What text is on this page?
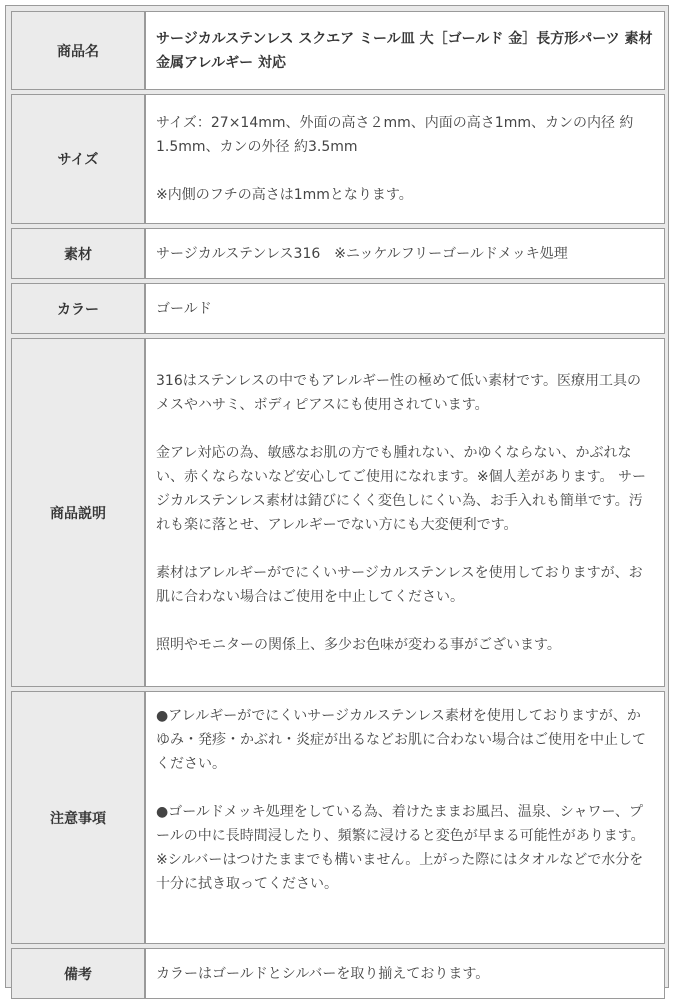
商品名	サージカルステンレス スクエア ミール皿 大［ゴールド 金］長方形パーツ 素材 金属アレルギー 対応
サイズ	サイズ：27×14mm、外面の高さ２mm、内面の高さ1mm、カンの内径 約1.5mm、カンの外径 約3.5mm

※内側のフチの高さは1mmとなります。

素材	サージカルステンレス316　※ニッケルフリーゴールドメッキ処理
カラー	ゴールド
商品説明	316はステンレスの中でもアレルギー性の極めて低い素材です。医療用工具のメスやハサミ、ボディピアスにも使用されています。

金アレ対応の為、敏感なお肌の方でも腫れない、かゆくならない、かぶれない、赤くならないなど安心してご使用になれます。※個人差があります。 サージカルステンレス素材は錆びにくく変色しにくい為、お手入れも簡単です。汚れも楽に落とせ、アレルギーでない方にも大変便利です。

素材はアレルギーがでにくいサージカルステンレスを使用しておりますが、お肌に合わない場合はご使用を中止してください。

照明やモニターの関係上、多少お色味が変わる事がございます。

注意事項	●アレルギーがでにくいサージカルステンレス素材を使用しておりますが、かゆみ・発疹・かぶれ・炎症が出るなどお肌に合わない場合はご使用を中止してください。

●ゴールドメッキ処理をしている為、着けたままお風呂、温泉、シャワー、プールの中に長時間浸したり、頻繁に浸けると変色が早まる可能性があります。※シルバーはつけたままでも構いません。上がった際にはタオルなどで水分を十分に拭き取ってください。

備考	カラーはゴールドとシルバーを取り揃えております。
